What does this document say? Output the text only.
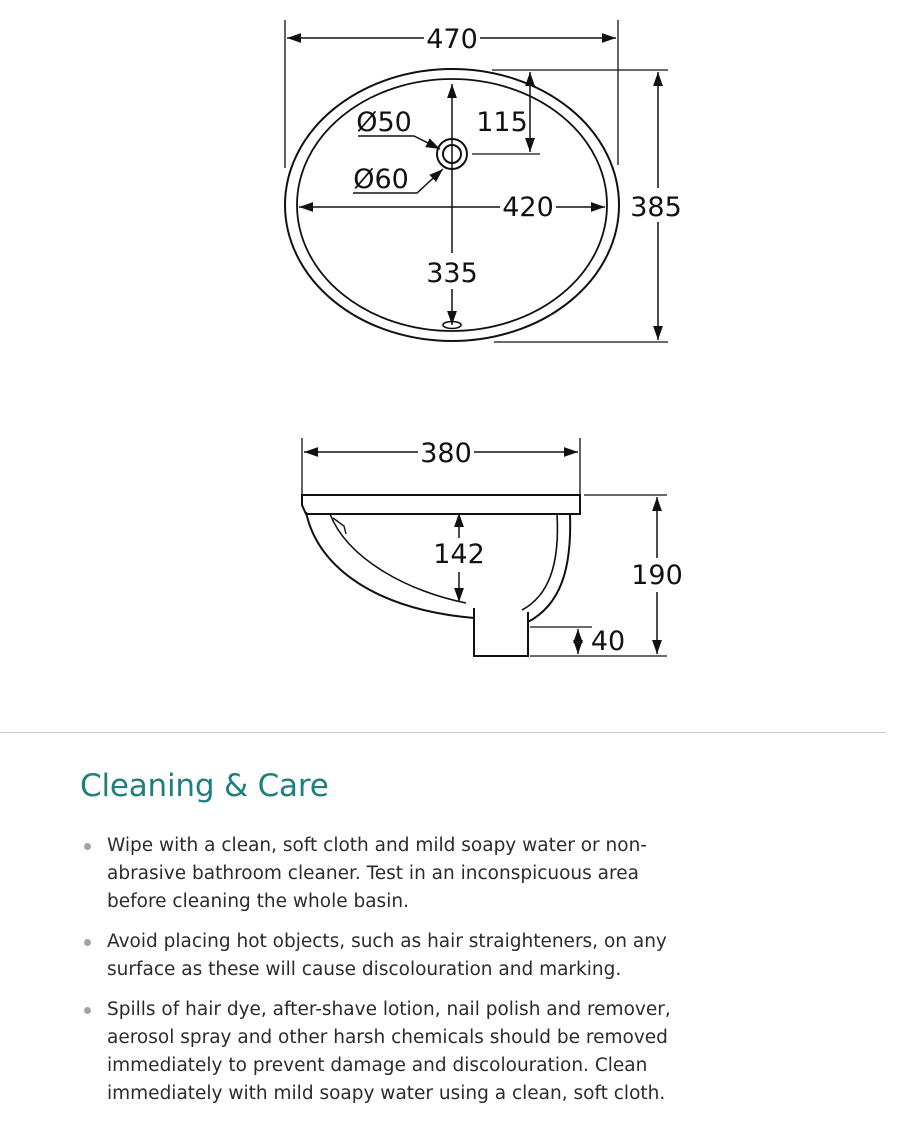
470
385
115
420
335
Ø50
Ø60
380
142
190
40
Cleaning & Care
Wipe with a clean, soft cloth and mild soapy water or non-
abrasive bathroom cleaner. Test in an inconspicuous area
before cleaning the whole basin.
Avoid placing hot objects, such as hair straighteners, on any
surface as these will cause discolouration and marking.
Spills of hair dye, after-shave lotion, nail polish and remover,
aerosol spray and other harsh chemicals should be removed
immediately to prevent damage and discolouration. Clean
immediately with mild soapy water using a clean, soft cloth.
